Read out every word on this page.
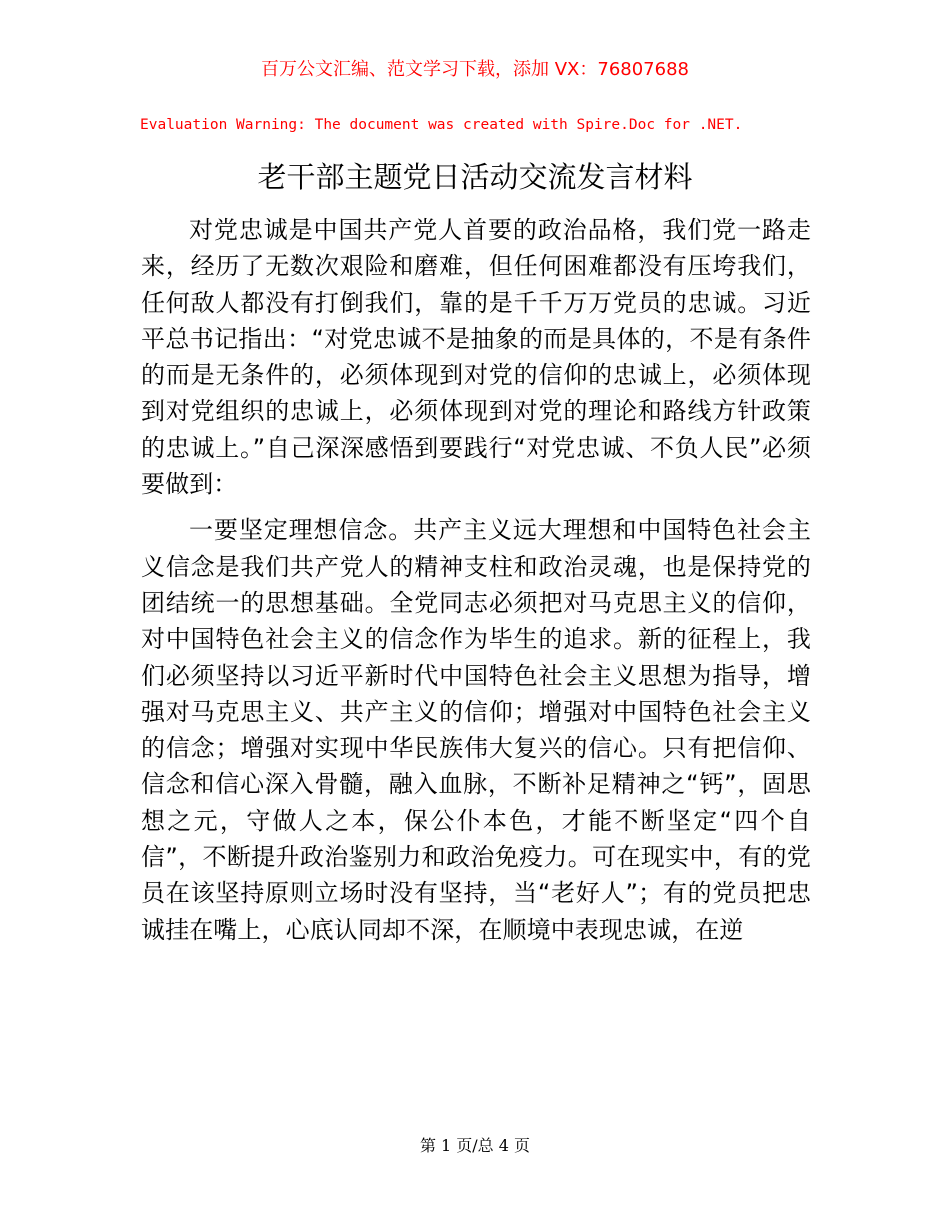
百万公文汇编、范文学习下载，添加 VX：76807688
Evaluation Warning: The document was created with Spire.Doc for .NET.
老干部主题党日活动交流发言材料

对党忠诚是中国共产党人首要的政治品格，我们党一路走来，经历了无数次艰险和磨难，但任何困难都没有压垮我们，任何敌人都没有打倒我们，靠的是千千万万党员的忠诚。习近平总书记指出：“对党忠诚不是抽象的而是具体的，不是有条件的而是无条件的，必须体现到对党的信仰的忠诚上，必须体现到对党组织的忠诚上，必须体现到对党的理论和路线方针政策的忠诚上。”自己深深感悟到要践行“对党忠诚、不负人民”必须要做到：

一要坚定理想信念。共产主义远大理想和中国特色社会主义信念是我们共产党人的精神支柱和政治灵魂，也是保持党的团结统一的思想基础。全党同志必须把对马克思主义的信仰，对中国特色社会主义的信念作为毕生的追求。新的征程上，我们必须坚持以习近平新时代中国特色社会主义思想为指导，增强对马克思主义、共产主义的信仰；增强对中国特色社会主义的信念；增强对实现中华民族伟大复兴的信心。只有把信仰、信念和信心深入骨髓，融入血脉，不断补足精神之“钙”，固思想之元，守做人之本，保公仆本色，才能不断坚定“四个自信”，不断提升政治鉴别力和政治免疫力。可在现实中，有的党员在该坚持原则立场时没有坚持，当“老好人”；有的党员把忠诚挂在嘴上，心底认同却不深，在顺境中表现忠诚，在逆

第 1 页/总 4 页
